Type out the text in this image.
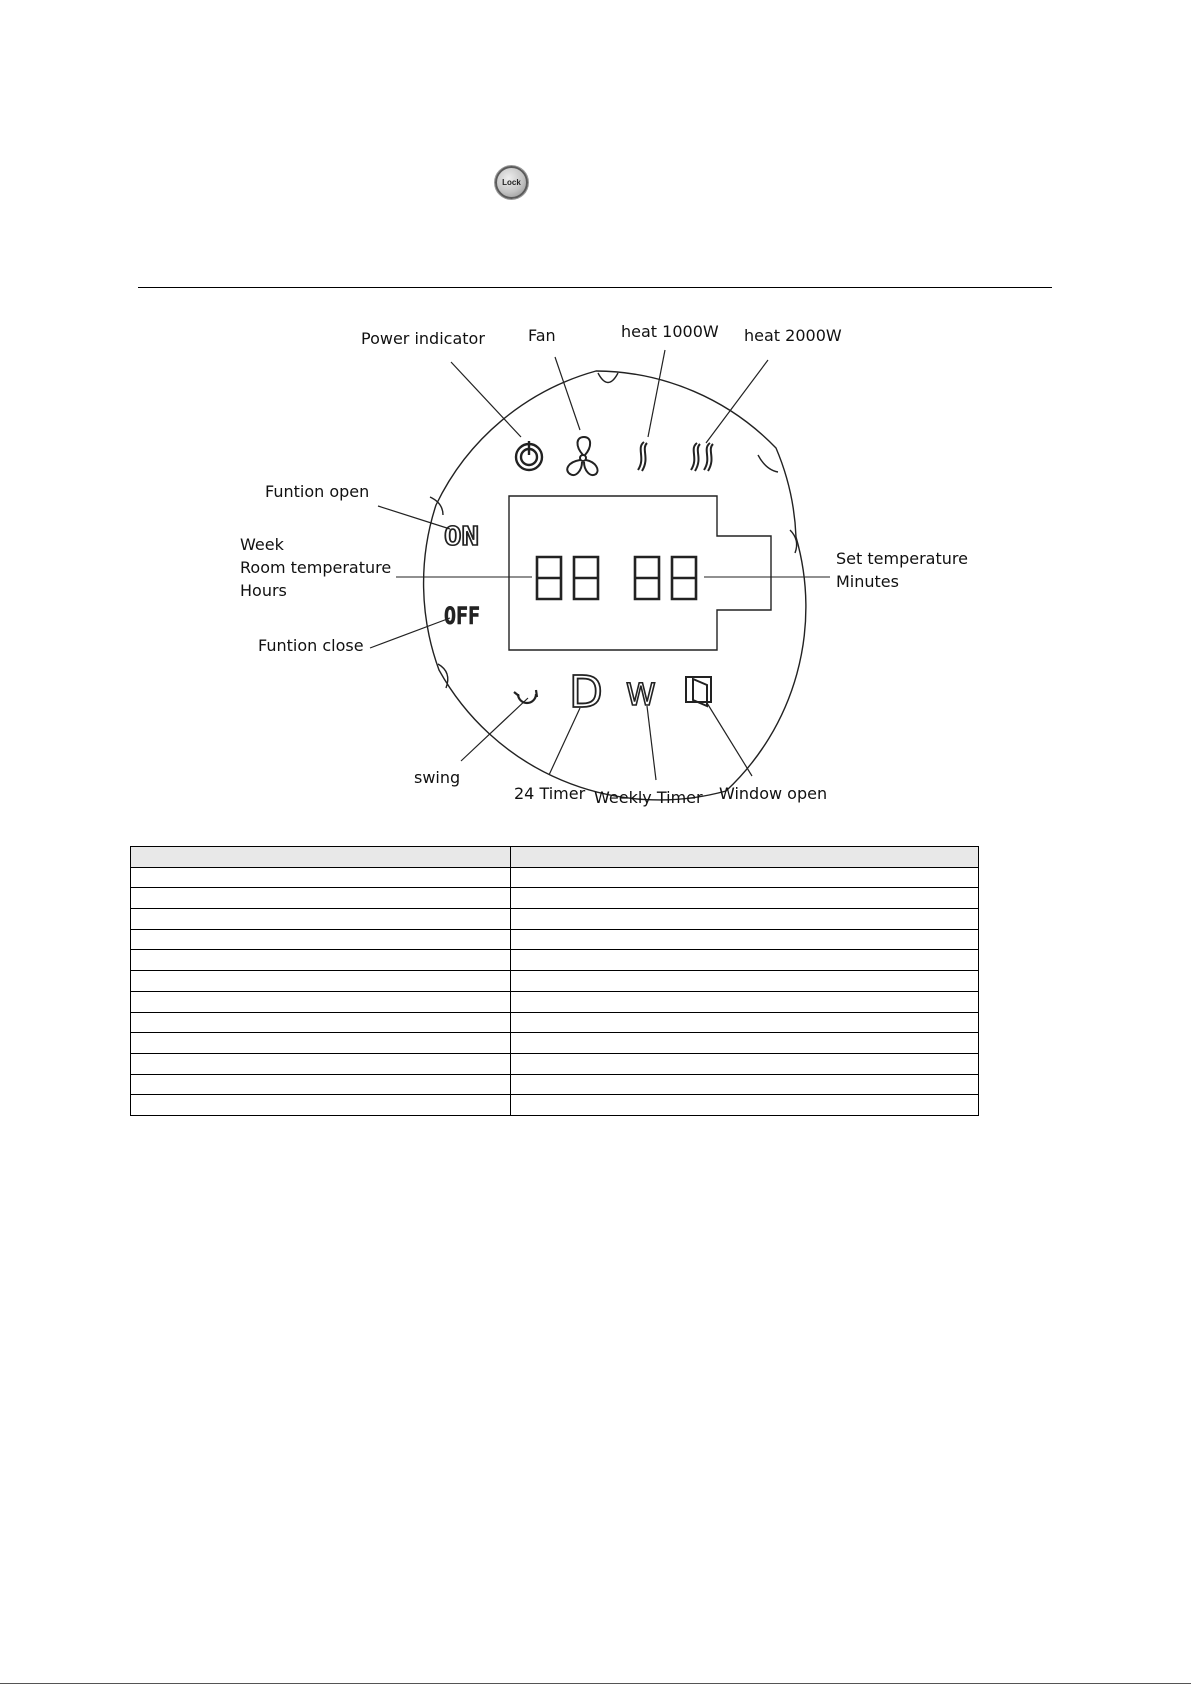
Lock
ON
OFF
D W
Power indicator	Fan	heat 1000W heat 2000W
Funtion open
Week
Room temperature
Hours
Funtion close
Set temperature
Minutes
swing
24 Timer Weekly Timer Window open
